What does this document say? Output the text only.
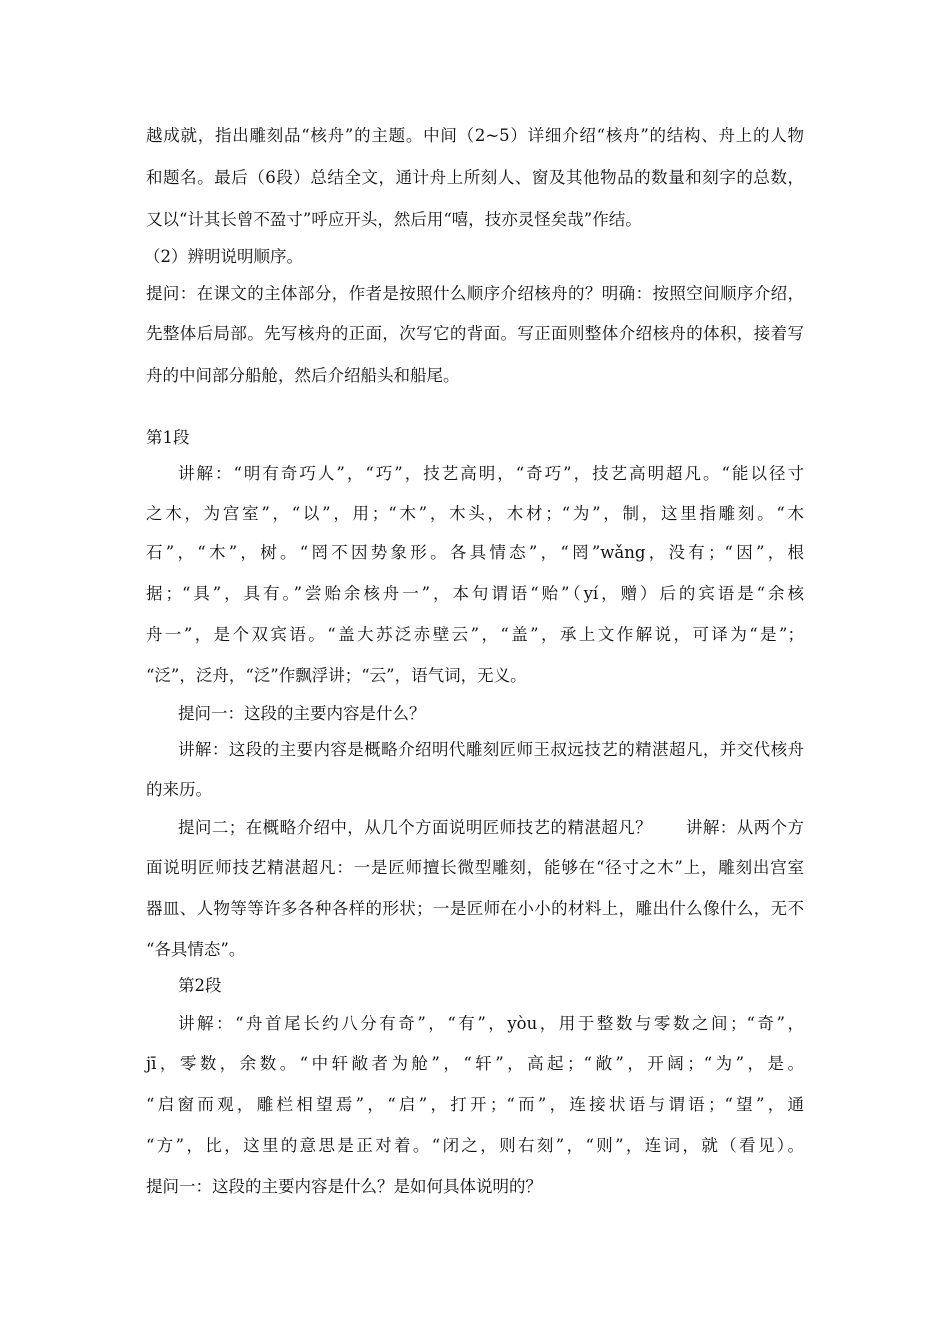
越成就，指出雕刻品“核舟”的主题。中间（2~5）详细介绍“核舟”的结构、舟上的人物
和题名。最后（6段）总结全文，通计舟上所刻人、窗及其他物品的数量和刻字的总数，
又以“计其长曾不盈寸”呼应开头，然后用“嘻，技亦灵怪矣哉”作结。
（2）辨明说明顺序。
提问：在课文的主体部分，作者是按照什么顺序介绍核舟的？明确：按照空间顺序介绍，
先整体后局部。先写核舟的正面，次写它的背面。写正面则整体介绍核舟的体积，接着写
舟的中间部分船舱，然后介绍船头和船尾。
第1段
讲解：“明有奇巧人”，“巧”，技艺高明，“奇巧”，技艺高明超凡。“能以径寸
之木，为宫室”，“以”，用；“木”，木头，木材；“为”，制，这里指雕刻。“木
石”，“木”，树。“罔不因势象形。各具情态”，“罔”wǎng，没有；“因”，根
据；“具”，具有。”尝贻余核舟一”，本句谓语“贻”（yí，赠）后的宾语是“余核
舟一”，是个双宾语。“盖大苏泛赤壁云”，“盖”，承上文作解说，可译为“是”；
“泛”，泛舟，“泛”作飘浮讲；“云”，语气词，无义。
提问一：这段的主要内容是什么？
讲解：这段的主要内容是概略介绍明代雕刻匠师王叔远技艺的精湛超凡，并交代核舟
的来历。
提问二；在概略介绍中，从几个方面说明匠师技艺的精湛超凡？　　讲解：从两个方
面说明匠师技艺精湛超凡：一是匠师擅长微型雕刻，能够在“径寸之木”上，雕刻出宫室
器皿、人物等等许多各种各样的形状；一是匠师在小小的材料上，雕出什么像什么，无不
“各具情态”。
第2段
讲解：“舟首尾长约八分有奇”，“有”，yòu，用于整数与零数之间；“奇”，
jī，零数，余数。“中轩敞者为舱”，“轩”，高起；“敞”，开阔；“为”，是。
“启窗而观，雕栏相望焉”，“启”，打开；“而”，连接状语与谓语；“望”，通
“方”，比，这里的意思是正对着。“闭之，则右刻”，“则”，连词，就（看见）。
提问一：这段的主要内容是什么？是如何具体说明的？
